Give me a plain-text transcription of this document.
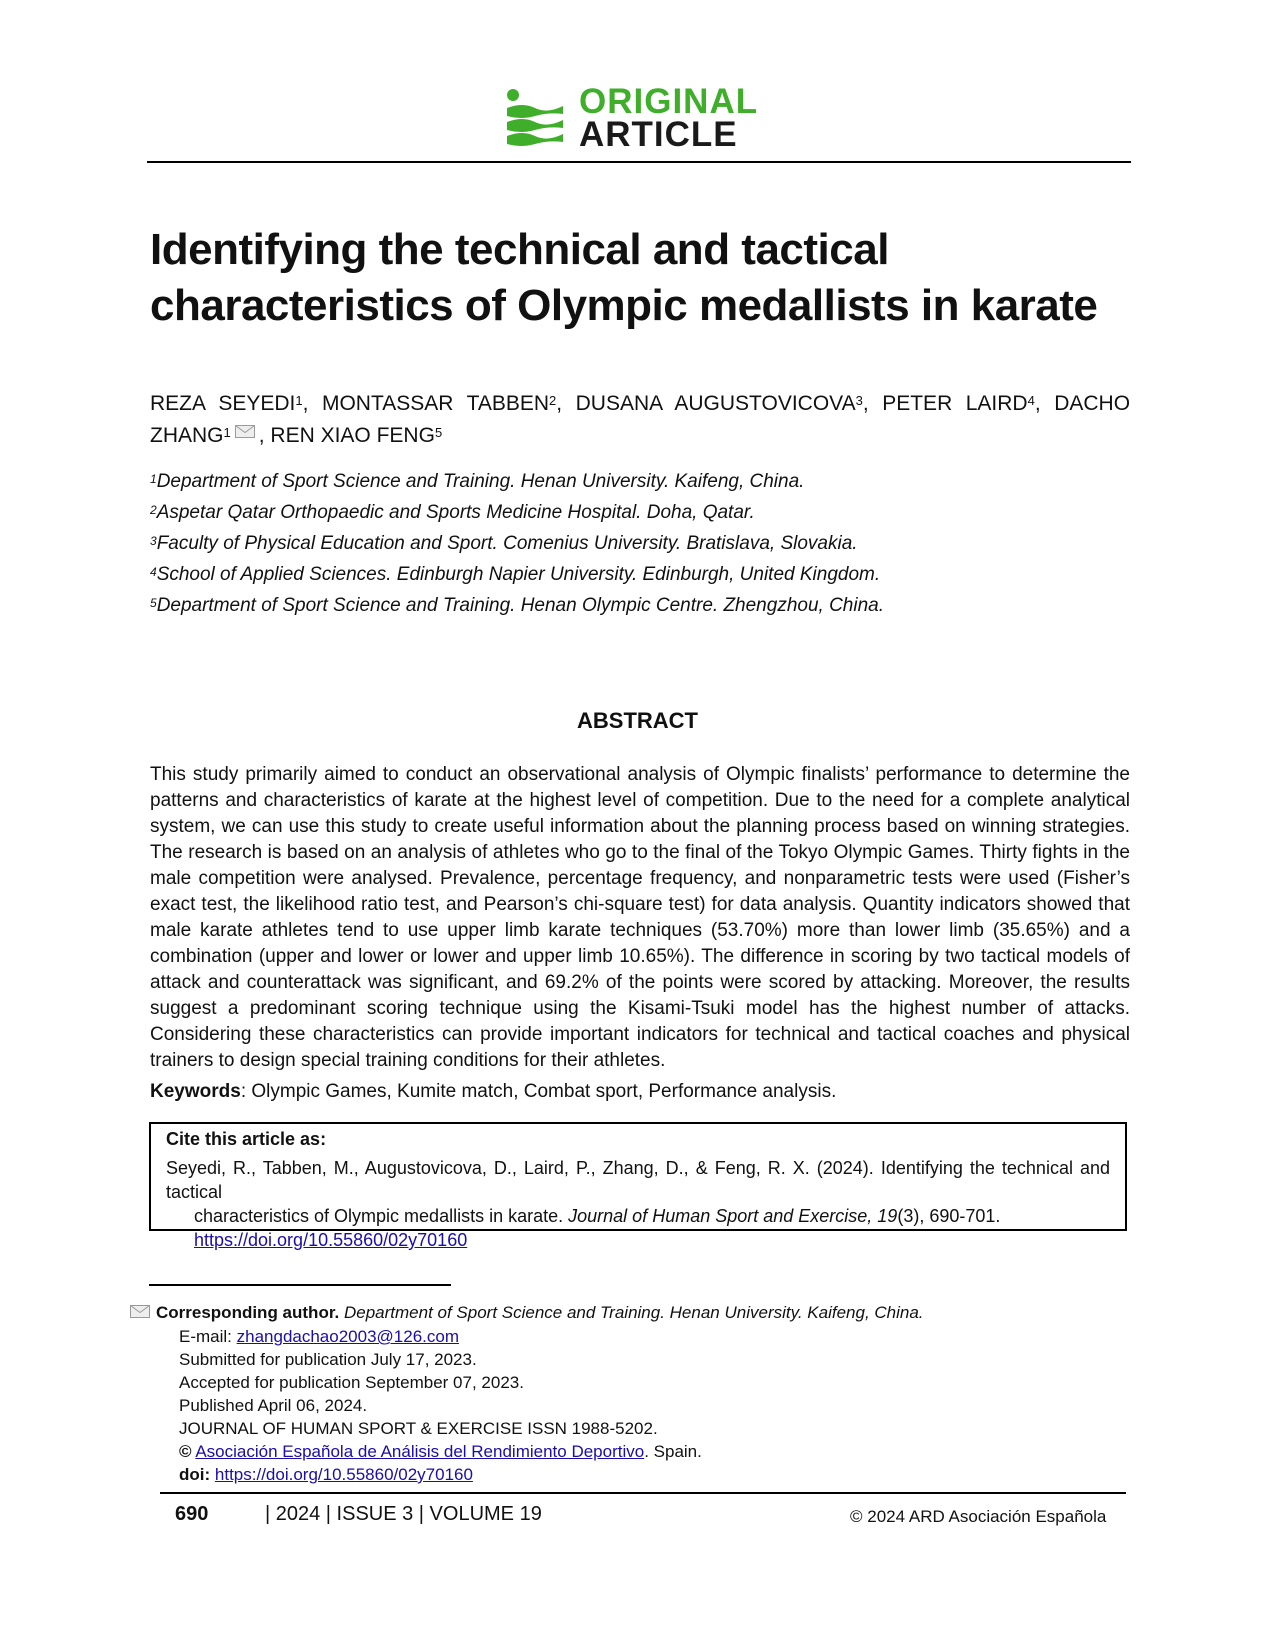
ORIGINAL
ARTICLE
Identifying the technical and tactical characteristics of Olympic medallists in karate
REZA SEYEDI$^1$, MONTASSAR TABBEN$^2$, DUSANA AUGUSTOVICOVA$^3$, PETER LAIRD$^4$, DACHO
ZHANG$^1$ , REN XIAO FENG$^5$
$^1$Department of Sport Science and Training. Henan University. Kaifeng, China.
$^2$Aspetar Qatar Orthopaedic and Sports Medicine Hospital. Doha, Qatar.
$^3$Faculty of Physical Education and Sport. Comenius University. Bratislava, Slovakia.
$^4$School of Applied Sciences. Edinburgh Napier University. Edinburgh, United Kingdom.
$^5$Department of Sport Science and Training. Henan Olympic Centre. Zhengzhou, China.
ABSTRACT
This study primarily aimed to conduct an observational analysis of Olympic finalists’ performance to determine the patterns and characteristics of karate at the highest level of competition. Due to the need for a complete analytical system, we can use this study to create useful information about the planning process based on winning strategies. The research is based on an analysis of athletes who go to the final of the Tokyo Olympic Games. Thirty fights in the male competition were analysed. Prevalence, percentage frequency, and nonparametric tests were used (Fisher’s exact test, the likelihood ratio test, and Pearson’s chi-square test) for data analysis. Quantity indicators showed that male karate athletes tend to use upper limb karate techniques (53.70%) more than lower limb (35.65%) and a combination (upper and lower or lower and upper limb 10.65%). The difference in scoring by two tactical models of attack and counterattack was significant, and 69.2% of the points were scored by attacking. Moreover, the results suggest a predominant scoring technique using the Kisami-Tsuki model has the highest number of attacks. Considering these characteristics can provide important indicators for technical and tactical coaches and physical trainers to design special training conditions for their athletes.
Keywords: Olympic Games, Kumite match, Combat sport, Performance analysis.
Cite this article as:
Seyedi, R., Tabben, M., Augustovicova, D., Laird, P., Zhang, D., & Feng, R. X. (2024). Identifying the technical and tactical
characteristics of Olympic medallists in karate. Journal of Human Sport and Exercise, 19(3), 690-701.
https://doi.org/10.55860/02y70160
Corresponding author. Department of Sport Science and Training. Henan University. Kaifeng, China.
E-mail: zhangdachao2003@126.com
Submitted for publication July 17, 2023.
Accepted for publication September 07, 2023.
Published April 06, 2024.
JOURNAL OF HUMAN SPORT & EXERCISE ISSN 1988-5202.
© Asociación Española de Análisis del Rendimiento Deportivo. Spain.
doi: https://doi.org/10.55860/02y70160
690	| 2024 | ISSUE 3 | VOLUME 19	© 2024 ARD Asociación Española
